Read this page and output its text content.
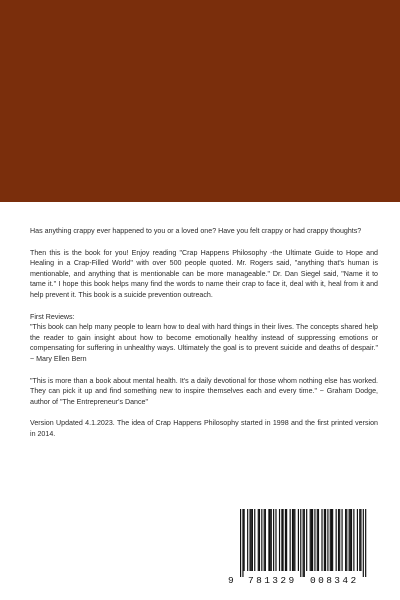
Has anything crappy ever happened to you or a loved one? Have you felt crappy or had crappy thoughts?

Then this is the book for you! Enjoy reading "Crap Happens Philosophy -the Ultimate Guide to Hope and Healing in a Crap-Filled World" with over 500 people quoted. Mr. Rogers said, "anything that's human is mentionable, and anything that is mentionable can be more manageable." Dr. Dan Siegel said, "Name it to tame it." I hope this book helps many find the words to name their crap to face it, deal with it, heal from it and help prevent it. This book is a suicide prevention outreach.

First Reviews:

"This book can help many people to learn how to deal with hard things in their lives. The concepts shared help the reader to gain insight about how to become emotionally healthy instead of suppressing emotions or compensating for suffering in unhealthy ways. Ultimately the goal is to prevent suicide and deaths of despair." ~ Mary Ellen Bern

"This is more than a book about mental health. It's a daily devotional for those whom nothing else has worked. They can pick it up and find something new to inspire themselves each and every time." ~ Graham Dodge, author of "The Entrepreneur's Dance"

Version Updated 4.1.2023. The idea of Crap Happens Philosophy started in 1998 and the first printed version in 2014.

9 781329 008342
